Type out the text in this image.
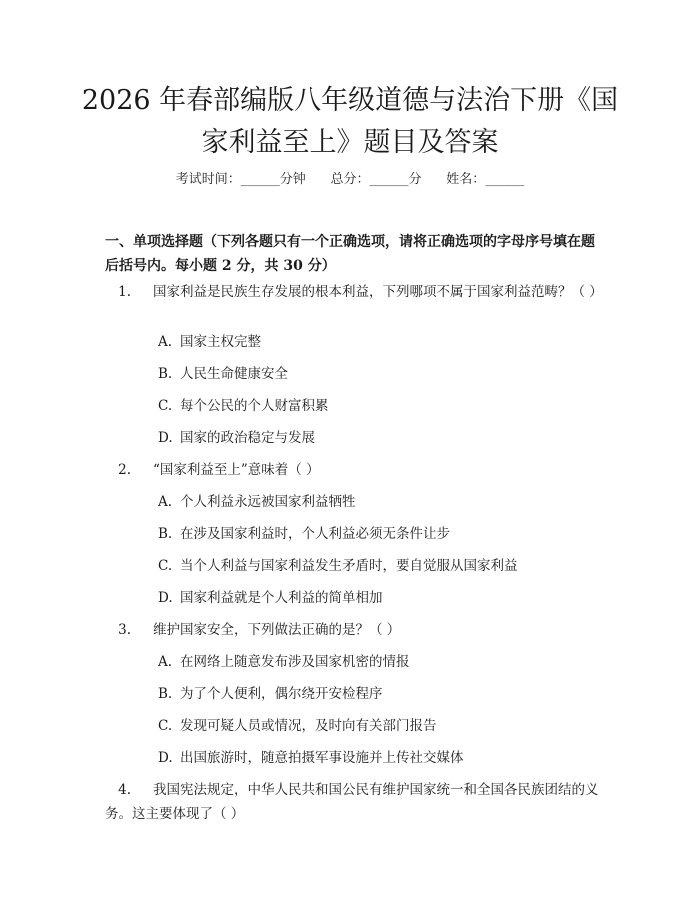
2026 年春部编版八年级道德与法治下册《国
家利益至上》题目及答案
考试时间：______分钟      总分：______分      姓名：______
一、单项选择题（下列各题只有一个正确选项，请将正确选项的字母序号填在题后括号内。每小题 2 分，共 30 分）
1. 国家利益是民族生存发展的根本利益，下列哪项不属于国家利益范畴？（ ）
A. 国家主权完整
B. 人民生命健康安全
C. 每个公民的个人财富积累
D. 国家的政治稳定与发展
2. “国家利益至上”意味着（ ）
A. 个人利益永远被国家利益牺牲
B. 在涉及国家利益时，个人利益必须无条件让步
C. 当个人利益与国家利益发生矛盾时，要自觉服从国家利益
D. 国家利益就是个人利益的简单相加
3. 维护国家安全，下列做法正确的是？（ ）
A. 在网络上随意发布涉及国家机密的情报
B. 为了个人便利，偶尔绕开安检程序
C. 发现可疑人员或情况，及时向有关部门报告
D. 出国旅游时，随意拍摄军事设施并上传社交媒体
4. 我国宪法规定，中华人民共和国公民有维护国家统一和全国各民族团结的义务。这主要体现了（ ）
